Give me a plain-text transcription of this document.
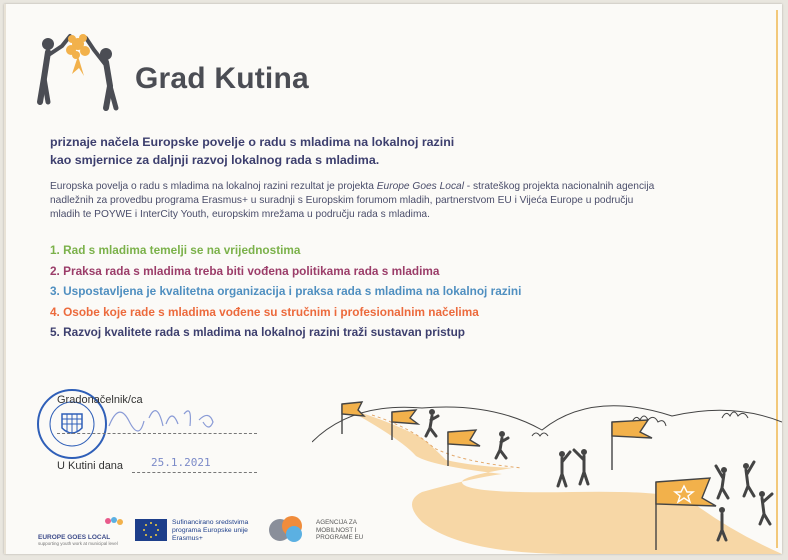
Grad Kutina
priznaje načela Europske povelje o radu s mladima na lokalnoj razini
kao smjernice za daljnji razvoj lokalnog rada s mladima.
Europska povelja o radu s mladima na lokalnoj razini rezultat je projekta Europe Goes Local - strateškog projekta nacionalnih agencija
nadležnih za provedbu programa Erasmus+ u suradnji s Europskim forumom mladih, partnerstvom EU i Vijeća Europe u području
mladih te POYWE i InterCity Youth, europskim mrežama u području rada s mladima.
1. Rad s mladima temelji se na vrijednostima
2. Praksa rada s mladima treba biti vođena politikama rada s mladima
3. Uspostavljena je kvalitetna organizacija i praksa rada s mladima na lokalnoj razini
4. Osobe koje rade s mladima vođene su stručnim i profesionalnim načelima
5. Razvoj kvalitete rada s mladima na lokalnoj razini traži sustavan pristup
Gradonačelnik/ca
U Kutini dana	25.1.2021
EUROPE GOES LOCAL
supporting youth work at municipal level
Sufinancirano sredstvima
programa Europske unije
Erasmus+
AGENCIJA ZA
MOBILNOST I
PROGRAME EU
